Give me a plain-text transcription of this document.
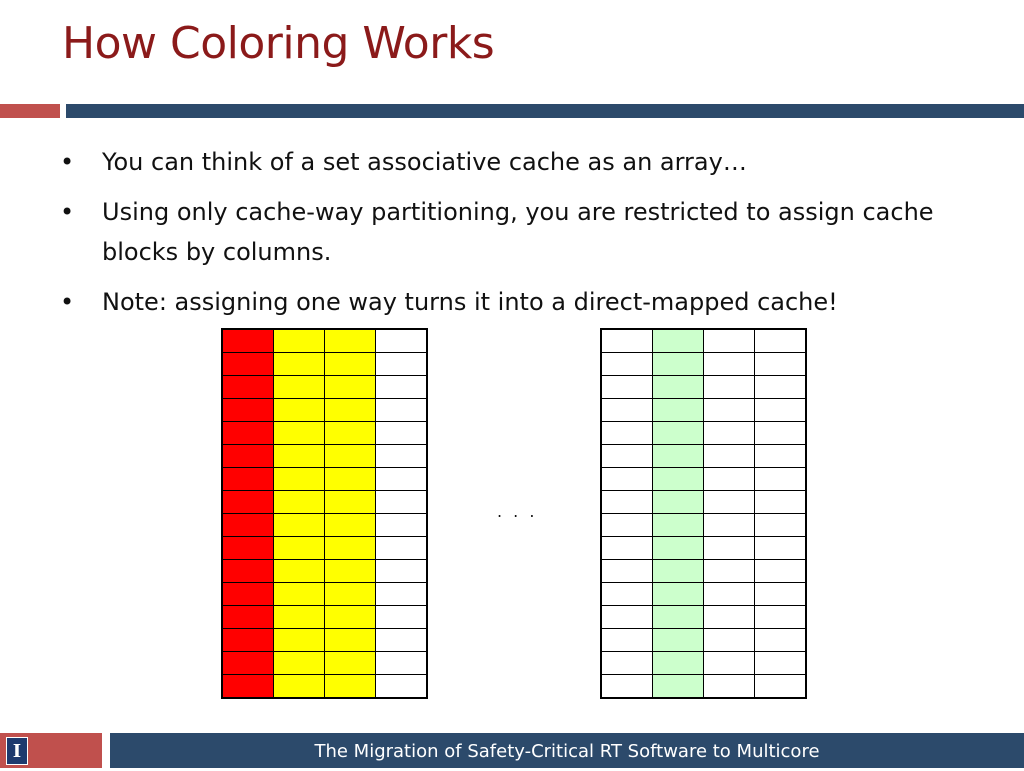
How Coloring Works
• You can think of a set associative cache as an array…
• Using only cache-way partitioning, you are restricted to assign cache blocks by columns.
• Note: assigning one way turns it into a direct-mapped cache!

. . .

I	The Migration of Safety-Critical RT Software to Multicore
